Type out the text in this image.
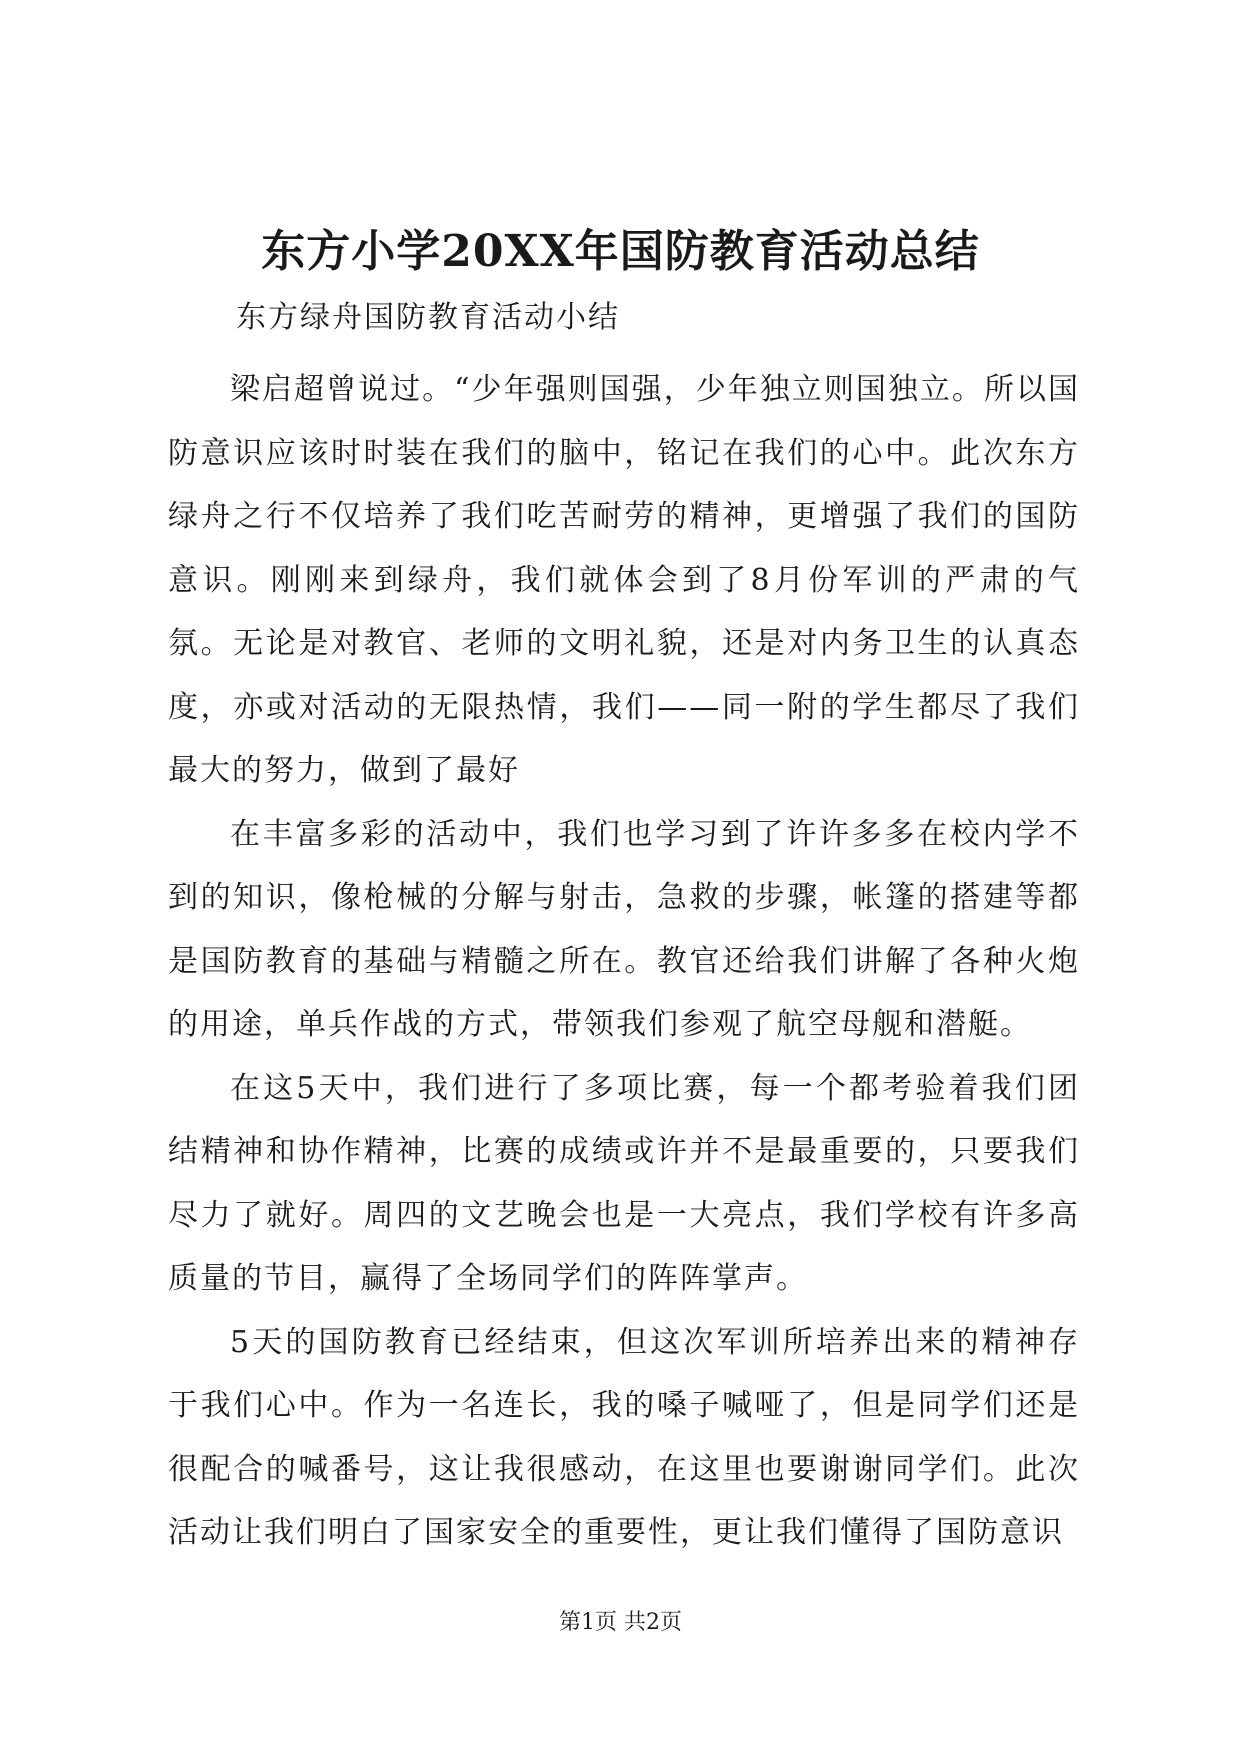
东方小学20XX年国防教育活动总结

东方绿舟国防教育活动小结

梁启超曾说过。“少年强则国强，少年独立则国独立。所以国防意识应该时时装在我们的脑中，铭记在我们的心中。此次东方绿舟之行不仅培养了我们吃苦耐劳的精神，更增强了我们的国防意识。刚刚来到绿舟，我们就体会到了8月份军训的严肃的气氛。无论是对教官、老师的文明礼貌，还是对内务卫生的认真态度，亦或对活动的无限热情，我们——同一附的学生都尽了我们最大的努力，做到了最好

在丰富多彩的活动中，我们也学习到了许许多多在校内学不到的知识，像枪械的分解与射击，急救的步骤，帐篷的搭建等都是国防教育的基础与精髓之所在。教官还给我们讲解了各种火炮的用途，单兵作战的方式，带领我们参观了航空母舰和潜艇。

在这5天中，我们进行了多项比赛，每一个都考验着我们团结精神和协作精神，比赛的成绩或许并不是最重要的，只要我们尽力了就好。周四的文艺晚会也是一大亮点，我们学校有许多高质量的节目，赢得了全场同学们的阵阵掌声。

5天的国防教育已经结束，但这次军训所培养出来的精神存于我们心中。作为一名连长，我的嗓子喊哑了，但是同学们还是很配合的喊番号，这让我很感动，在这里也要谢谢同学们。此次活动让我们明白了国家安全的重要性，更让我们懂得了国防意识

第1页 共2页
